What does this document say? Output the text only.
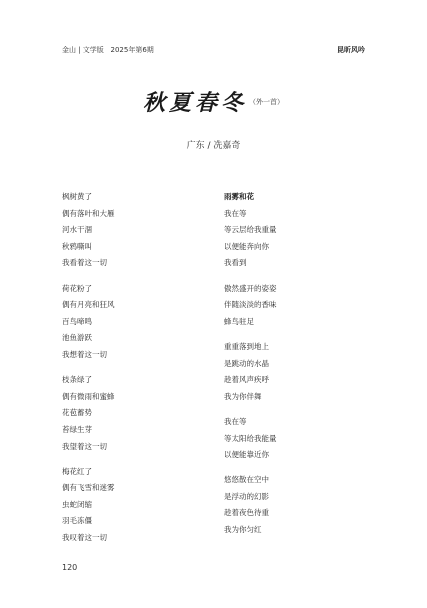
金山 | 文学版 2025年第6期	昆昕风吟
秋夏春冬 $^{(外一首)}$
广东 / 冼嘉奇
枫树黄了
偶有落叶和大雁
河水干涸
秋鸦嘶叫
我看着这一切
荷花粉了
偶有月亮和狂风
百鸟啼鸣
池鱼游跃
我想着这一切
枝条绿了
偶有微雨和蜜蜂
花苞蓄势
苔绿生芽
我望着这一切
梅花红了
偶有飞雪和迷雾
虫蛇闭缩
羽毛冻僵
我叹着这一切
雨雾和花
我在等
等云层给我重量
以便能奔向你
我看到
傲然盛开的姿姿
伴随淡淡的香味
蜂鸟驻足
重重落到地上
是跳动的水晶
趁着风声疾呼
我为你伴舞
我在等
等太阳给我能量
以便能靠近你
悠悠散在空中
是浮动的幻影
趁着夜色待重
我为你匀红
120
